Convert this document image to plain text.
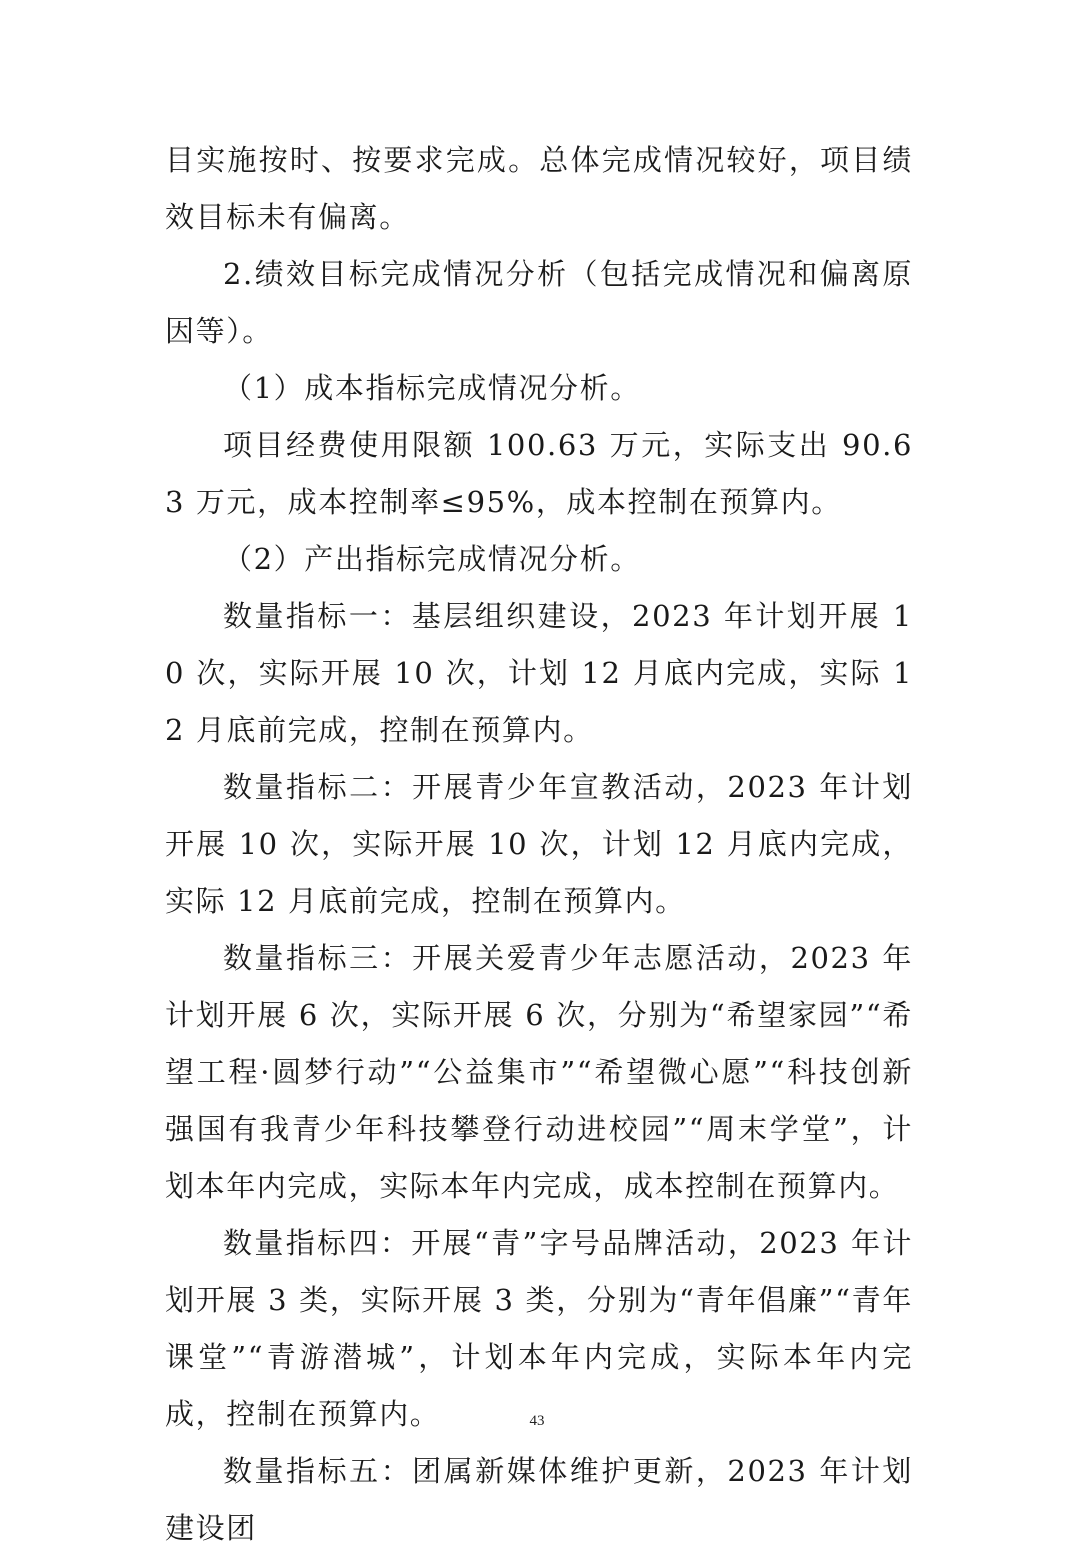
目实施按时、按要求完成。总体完成情况较好，项目绩效目标未有偏离。

2.绩效目标完成情况分析（包括完成情况和偏离原因等）。

（1）成本指标完成情况分析。

项目经费使用限额 100.63 万元，实际支出 90.63 万元，成本控制率≤95%，成本控制在预算内。

（2）产出指标完成情况分析。

数量指标一：基层组织建设，2023 年计划开展 10 次，实际开展 10 次，计划 12 月底内完成，实际 12 月底前完成，控制在预算内。

数量指标二：开展青少年宣教活动，2023 年计划开展 10 次，实际开展 10 次，计划 12 月底内完成，实际 12 月底前完成，控制在预算内。

数量指标三：开展关爱青少年志愿活动，2023 年计划开展 6 次，实际开展 6 次，分别为“希望家园”“希望工程·圆梦行动”“公益集市”“希望微心愿”“科技创新强国有我青少年科技攀登行动进校园”“周末学堂”，计划本年内完成，实际本年内完成，成本控制在预算内。

数量指标四：开展“青”字号品牌活动，2023 年计划开展 3 类，实际开展 3 类，分别为“青年倡廉”“青年课堂”“青游潜城”，计划本年内完成，实际本年内完成，控制在预算内。

数量指标五：团属新媒体维护更新，2023 年计划建设团

43
